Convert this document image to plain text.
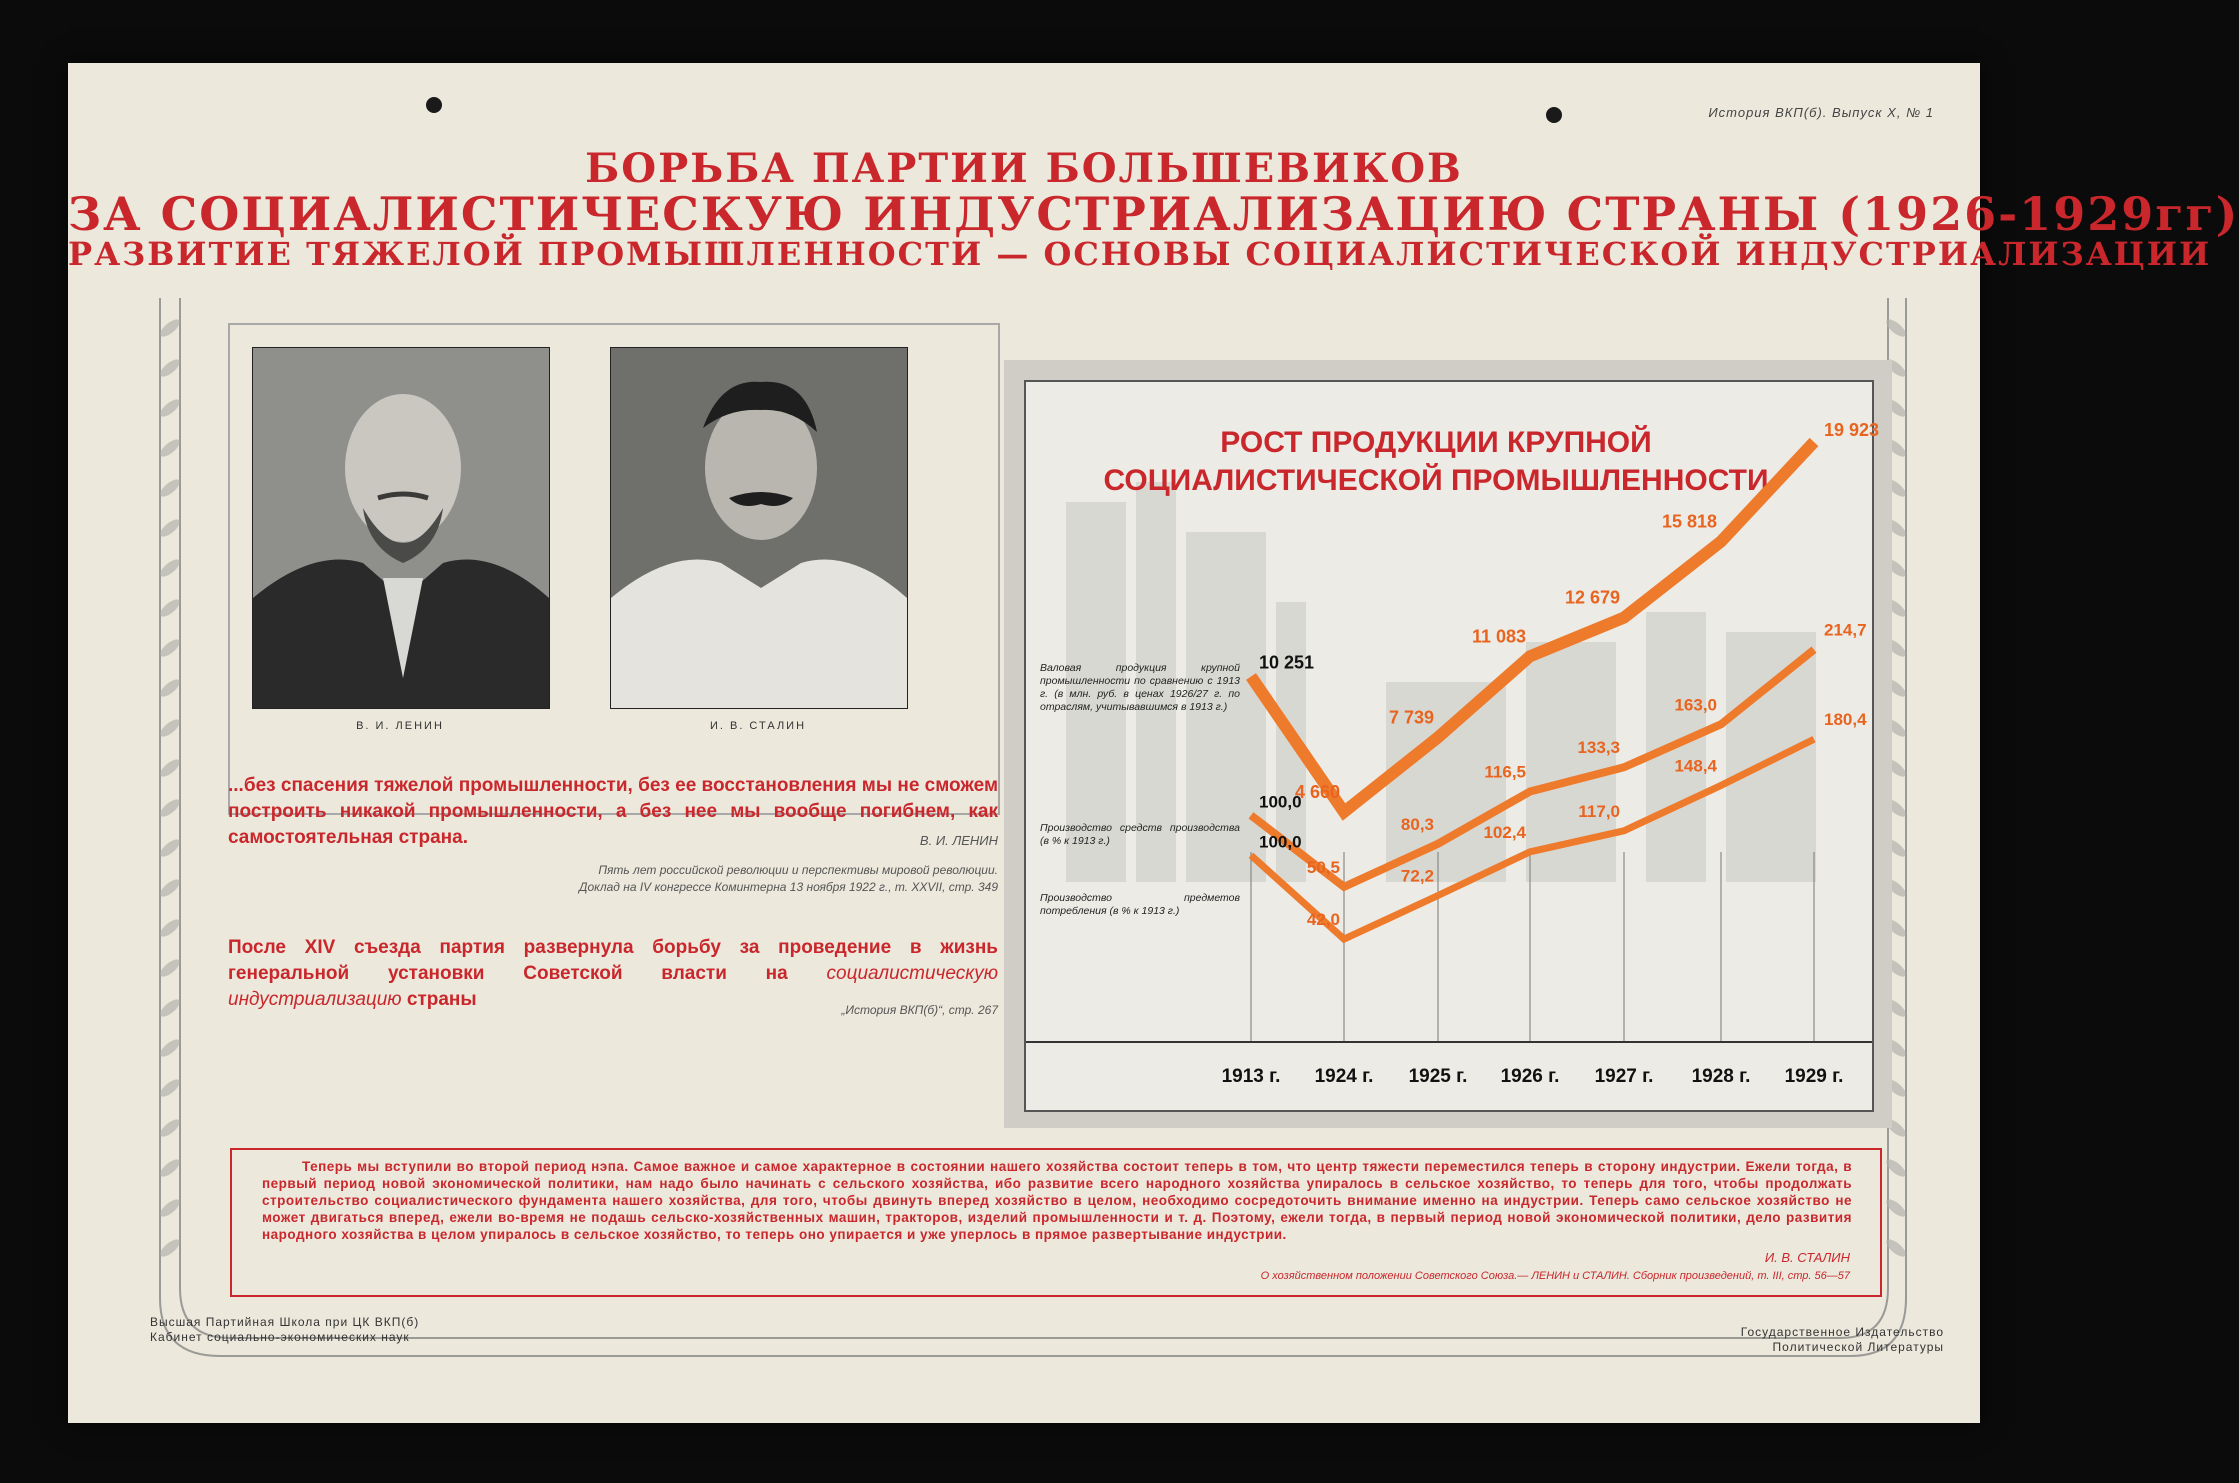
История ВКП(б). Выпуск X, № 1

БОРЬБА ПАРТИИ БОЛЬШЕВИКОВ

ЗА СОЦИАЛИСТИЧЕСКУЮ ИНДУСТРИАЛИЗАЦИЮ СТРАНЫ (1926-1929гг)

РАЗВИТИЕ ТЯЖЕЛОЙ ПРОМЫШЛЕННОСТИ — ОСНОВЫ СОЦИАЛИСТИЧЕСКОЙ ИНДУСТРИАЛИЗАЦИИ

В. И. ЛЕНИН	И. В. СТАЛИН

...без спасения тяжелой промышленности, без ее восстановления мы не сможем построить никакой промышленности, а без нее мы вообще погибнем, как самостоятельная страна.	В. И. ЛЕНИН

Пять лет российской революции и перспективы мировой революции.

Доклад на IV конгрессе Коминтерна 13 ноября 1922 г., т. XXVII, стр. 349

После XIV съезда партия развернула борьбу за проведение в жизнь генеральной установки Советской власти на социалистическую индустриализацию страны	„История ВКП(б)“, стр. 267

РОСТ ПРОДУКЦИИ КРУПНОЙ
СОЦИАЛИСТИЧЕСКОЙ ПРОМЫШЛЕННОСТИ
10 251
4 660
7 739
11 083
12 679
15 818
19 923
100,0
50,5
80,3
116,5
133,3
163,0
214,7
100,0
42,0
72,2
102,4
117,0
148,4
180,4
Валовая продукция крупной промышленности по сравнению с 1913 г. (в млн. руб. в ценах 1926/27 г. по отраслям, учитывавшимся в 1913 г.)
Производство средств производства (в % к 1913 г.)
Производство предметов потребления (в % к 1913 г.)
1913 г. 1924 г. 1925 г. 1926 г. 1927 г. 1928 г. 1929 г.

Теперь мы вступили во второй период нэпа. Самое важное и самое характерное в состоянии нашего хозяйства состоит теперь в том, что центр тяжести переместился теперь в сторону индустрии. Ежели тогда, в первый период новой экономической политики, нам надо было начинать с сельского хозяйства, ибо развитие всего народного хозяйства упиралось в сельское хозяйство, то теперь для того, чтобы продолжать строительство социалистического фундамента нашего хозяйства, для того, чтобы двинуть вперед хозяйство в целом, необходимо сосредоточить внимание именно на индустрии. Теперь само сельское хозяйство не может двигаться вперед, ежели во-время не подашь сельско-хозяйственных машин, тракторов, изделий промышленности и т. д. Поэтому, ежели тогда, в первый период новой экономической политики, дело развития народного хозяйства в целом упиралось в сельское хозяйство, то теперь оно упирается и уже уперлось в прямое развертывание индустрии.

И. В. СТАЛИН

О хозяйственном положении Советского Союза.— ЛЕНИН и СТАЛИН. Сборник произведений, т. III, стр. 56—57

Высшая Партийная Школа при ЦК ВКП(б)

Кабинет социально-экономических наук	Государственное Издательство

Политической Литературы
